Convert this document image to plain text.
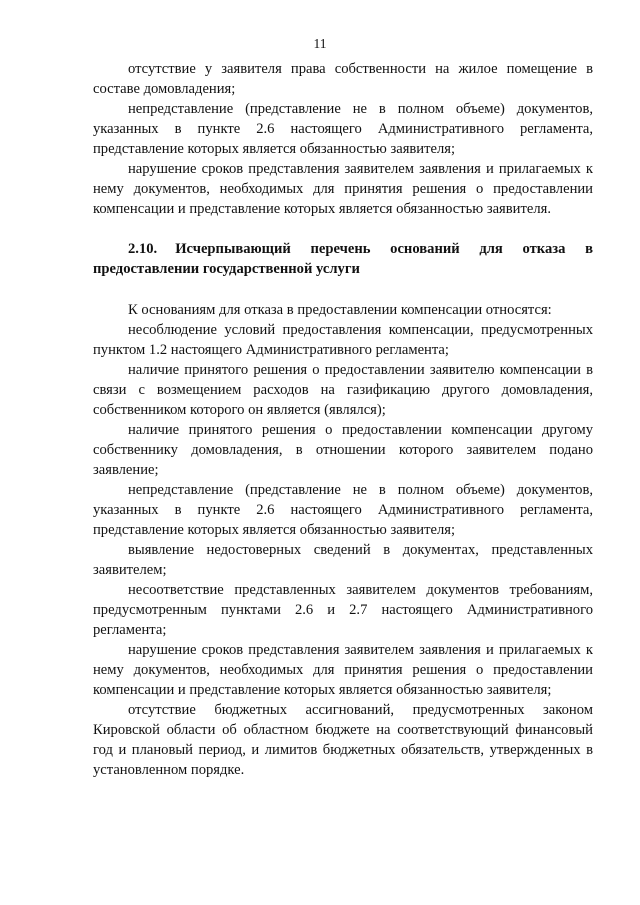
11

отсутствие у заявителя права собственности на жилое помещение в составе домовладения;

непредставление (представление не в полном объеме) документов, указанных в пункте 2.6 настоящего Административного регламента, представление которых является обязанностью заявителя;

нарушение сроков представления заявителем заявления и прилагаемых к нему документов, необходимых для принятия решения о предоставлении компенсации и представление которых является обязанностью заявителя.

2.10. Исчерпывающий перечень оснований для отказа в предоставлении государственной услуги

К основаниям для отказа в предоставлении компенсации относятся:

несоблюдение условий предоставления компенсации, предусмотренных пунктом 1.2 настоящего Административного регламента;

наличие принятого решения о предоставлении заявителю компенсации в связи с возмещением расходов на газификацию другого домовладения, собственником которого он является (являлся);

наличие принятого решения о предоставлении компенсации другому собственнику домовладения, в отношении которого заявителем подано заявление;

непредставление (представление не в полном объеме) документов, указанных в пункте 2.6 настоящего Административного регламента, представление которых является обязанностью заявителя;

выявление недостоверных сведений в документах, представленных заявителем;

несоответствие представленных заявителем документов требованиям, предусмотренным пунктами 2.6 и 2.7 настоящего Административного регламента;

нарушение сроков представления заявителем заявления и прилагаемых к нему документов, необходимых для принятия решения о предоставлении компенсации и представление которых является обязанностью заявителя;

отсутствие бюджетных ассигнований, предусмотренных законом Кировской области об областном бюджете на соответствующий финансовый год и плановый период, и лимитов бюджетных обязательств, утвержденных в установленном порядке.
